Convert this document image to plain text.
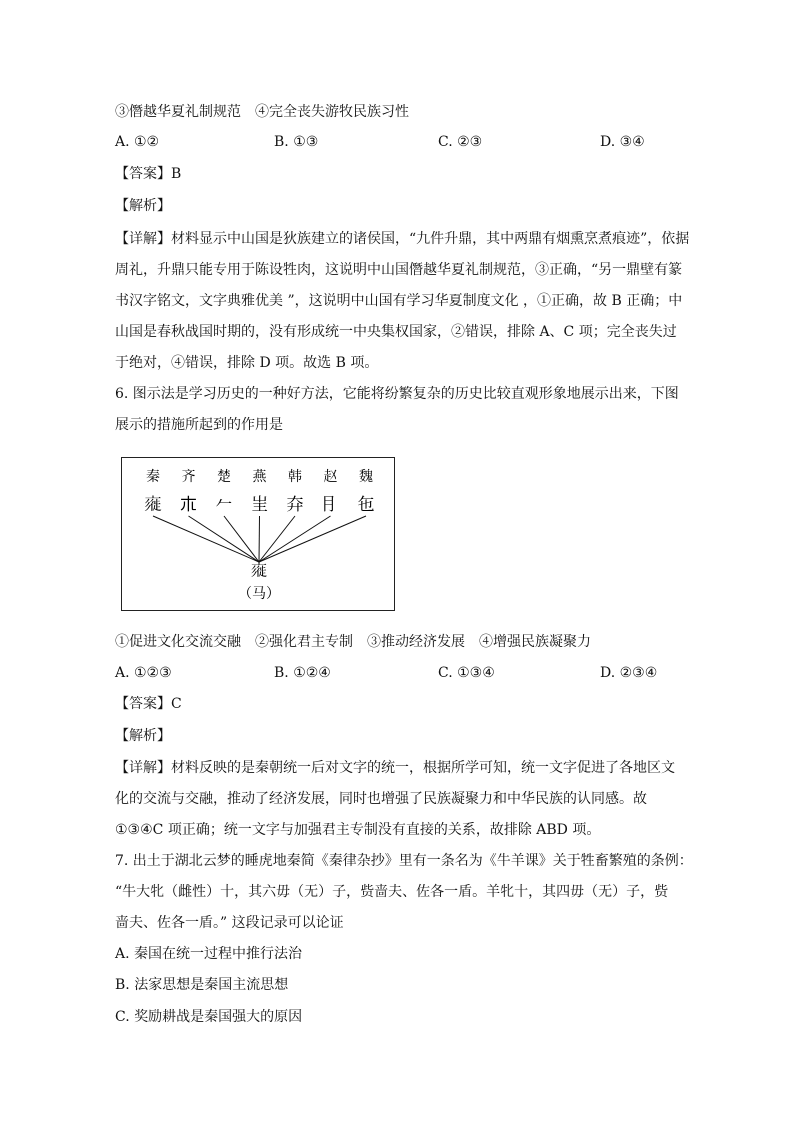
③僭越华夏礼制规范　④完全丧失游牧民族习性
A. ①②	B. ①③	C. ②③	D. ③④
【答案】B
【解析】
【详解】材料显示中山国是狄族建立的诸侯国，“九件升鼎，其中两鼎有烟熏烹煮痕迹”，依据
周礼，升鼎只能专用于陈设牲肉，这说明中山国僭越华夏礼制规范，③正确，“另一鼎壁有篆
书汉字铭文，文字典雅优美 ”，这说明中山国有学习华夏制度文化 ，①正确，故 B 正确；中
山国是春秋战国时期的，没有形成统一中央集权国家，②错误，排除 A、C 项；完全丧失过
于绝对，④错误，排除 D 项。故选 B 项。
6. 图示法是学习历史的一种好方法，它能将纷繁复杂的历史比较直观形象地展示出来，下图
展示的措施所起到的作用是
秦 齐 楚 燕 韩 赵 魏
𢒲 𣎳 𠂉 㞷 㚏 ⺝ 㐌
𢒲
（马）
①促进文化交流交融　②强化君主专制　③推动经济发展　④增强民族凝聚力
A. ①②③	B. ①②④	C. ①③④	D. ②③④
【答案】C
【解析】
【详解】材料反映的是秦朝统一后对文字的统一，根据所学可知，统一文字促进了各地区文
化的交流与交融，推动了经济发展，同时也增强了民族凝聚力和中华民族的认同感。故
①③④C 项正确；统一文字与加强君主专制没有直接的关系，故排除 ABD 项。
7. 出土于湖北云梦的睡虎地秦简《秦律杂抄》里有一条名为《牛羊课》关于牲畜繁殖的条例：
“牛大牝（雌性）十，其六毋（无）子，赀啬夫、佐各一盾。羊牝十，其四毋（无）子，赀
啬夫、佐各一盾。” 这段记录可以论证
A. 秦国在统一过程中推行法治
B. 法家思想是秦国主流思想
C. 奖励耕战是秦国强大的原因
